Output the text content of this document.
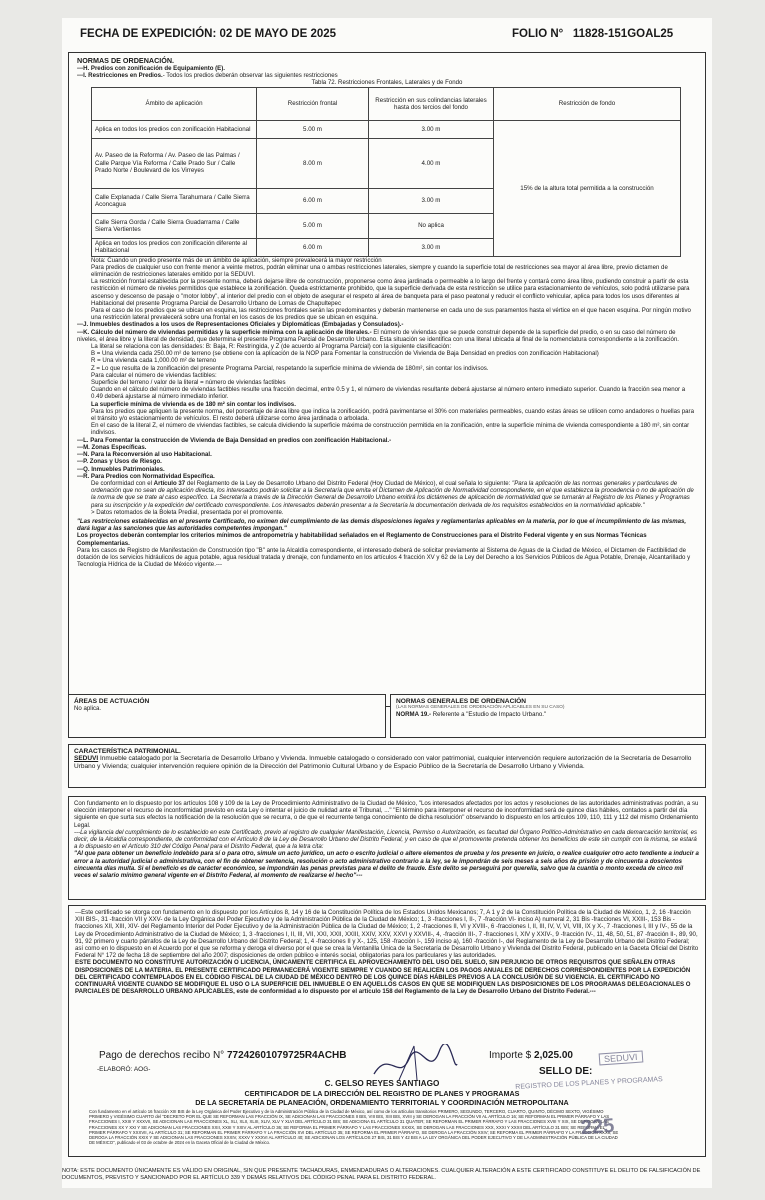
FECHA DE EXPEDICIÓN: 02 DE MAYO DE 2025	FOLIO N° 11828-151GOAL25

NORMAS DE ORDENACIÓN.

---H. Predios con zonificación de Equipamiento (E).

---I. Restricciones en Predios.- Todos los predios deberán observar las siguientes restricciones

Tabla 72. Restricciones Frontales, Laterales y de Fondo

Ámbito de aplicación	Restricción frontal	Restricción en sus colindancias laterales hasta dos tercios del fondo	Restricción de fondo
Aplica en todos los predios con zonificación Habitacional	5.00 m	3.00 m	15% de la altura total permitida a la construcción
Av. Paseo de la Reforma / Av. Paseo de las Palmas / Calle Parque Vía Reforma / Calle Prado Sur / Calle Prado Norte / Boulevard de los Virreyes	8.00 m	4.00 m	
Calle Explanada / Calle Sierra Tarahumara / Calle Sierra Aconcagua	6.00 m	3.00 m	
Calle Sierra Gorda / Calle Sierra Guadarrama / Calle Sierra Vertientes	5.00 m	No aplica	
Aplica en todos los predios con zonificación diferente al Habitacional	6.00 m	3.00 m	

Nota: Cuando un predio presente más de un ámbito de aplicación, siempre prevalecerá la mayor restricción

Para predios de cualquier uso con frente menor a veinte metros, podrán eliminar una o ambas restricciones laterales, siempre y cuando la superficie total de restricciones sea mayor al área libre, previo dictamen de eliminación de restricciones laterales emitido por la SEDUVI.

La restricción frontal establecida por la presente norma, deberá dejarse libre de construcción, proponerse como área jardinada o permeable a lo largo del frente y contará como área libre, pudiendo construir a partir de esta restricción el número de niveles permitidos que establece la zonificación. Queda estrictamente prohibido, que la superficie derivada de esta restricción se utilice para estacionamiento de vehículos, solo podrá utilizarse para ascenso y descenso de pasaje o "motor lobby", al interior del predio con el objeto de asegurar el respeto al área de banqueta para el paso peatonal y reducir el conflicto vehicular, aplica para todos los usos diferentes al Habitacional del presente Programa Parcial de Desarrollo Urbano de Lomas de Chapultepec

Para el caso de los predios que se ubican en esquina, las restricciones frontales serán las predominantes y deberán mantenerse en cada uno de sus paramentos hasta el vértice en el que hacen esquina. Por ningún motivo una restricción lateral prevalecerá sobre una frontal en los casos de los predios que se ubican en esquina.

---J. Inmuebles destinados a los usos de Representaciones Oficiales y Diplomáticas (Embajadas y Consulados).-

---K. Cálculo del número de viviendas permitidas y la superficie mínima con la aplicación de literales.- El número de viviendas que se puede construir depende de la superficie del predio, o en su caso del número de niveles, el área libre y la literal de densidad, que determina el presente Programa Parcial de Desarrollo Urbano. Esta situación se identifica con una literal ubicada al final de la nomenclatura correspondiente a la zonificación.

La literal se relaciona con las densidades: B: Baja, R: Restringida, y Z (de acuerdo al Programa Parcial) con la siguiente clasificación:

B = Una vivienda cada 250.00 m² de terreno (se obtiene con la aplicación de la NOP para Fomentar la construcción de Vivienda de Baja Densidad en predios con zonificación Habitacional)

R = Una vivienda cada 1,000.00 m² de terreno

Z = Lo que resulta de la zonificación del presente Programa Parcial, respetando la superficie mínima de vivienda de 180m², sin contar los indivisos.

Para calcular el número de viviendas factibles:

Superficie del terreno / valor de la literal = número de viviendas factibles

Cuando en el cálculo del número de viviendas factibles resulte una fracción decimal, entre 0.5 y 1, el número de viviendas resultante deberá ajustarse al número entero inmediato superior. Cuando la fracción sea menor a 0.49 deberá ajustarse al número inmediato inferior.

La superficie mínima de vivienda es de 180 m² sin contar los indivisos.

Para los predios que apliquen la presente norma, del porcentaje de área libre que indica la zonificación, podrá pavimentarse el 30% con materiales permeables, cuando estas áreas se utilicen como andadores o huellas para el tránsito y/o estacionamiento de vehículos. El resto deberá utilizarse como área jardinada o arbolada.

En el caso de la literal Z, el número de viviendas factibles, se calcula dividiendo la superficie máxima de construcción permitida en la zonificación, entre la superficie mínima de vivienda correspondiente a 180 m², sin contar indivisos.

---L. Para Fomentar la construcción de Vivienda de Baja Densidad en predios con zonificación Habitacional.-

---M. Zonas Específicas.

---N. Para la Reconversión al uso Habitacional.

---P. Zonas y Usos de Riesgo.

---Q. Inmuebles Patrimoniales.

---R. Para Predios con Normatividad Específica.

De conformidad con el Artículo 37 del Reglamento de la Ley de Desarrollo Urbano del Distrito Federal (Hoy Ciudad de México), el cual señala lo siguiente: "Para la aplicación de las normas generales y particulares de ordenación que no sean de aplicación directa, los interesados podrán solicitar a la Secretaría que emita el Dictamen de Aplicación de Normatividad correspondiente, en el que establezca la procedencia o no de aplicación de la norma de que se trate al caso específico. La Secretaría a través de la Dirección General de Desarrollo Urbano emitirá los dictámenes de aplicación de normatividad que se turnarán al Registro de los Planes y Programas para su inscripción y la expedición del certificado correspondiente. Los interesados deberán presentar a la Secretaría la documentación derivada de los requisitos establecidos en la normatividad aplicable."

> Datos retomados de la Boleta Predial, presentada por el promovente.

"Las restricciones establecidas en el presente Certificado, no eximen del cumplimiento de las demás disposiciones legales y reglamentarias aplicables en la materia, por lo que el incumplimiento de las mismas, dará lugar a las sanciones que las autoridades competentes impongan."

Los proyectos deberán contemplar los criterios mínimos de antropometría y habitabilidad señalados en el Reglamento de Construcciones para el Distrito Federal vigente y en sus Normas Técnicas Complementarias.

Para los casos de Registro de Manifestación de Construcción tipo "B" ante la Alcaldía correspondiente, el interesado deberá de solicitar previamente al Sistema de Aguas de la Ciudad de México, el Dictamen de Factibilidad de dotación de los servicios hidráulicos de agua potable, agua residual tratada y drenaje, con fundamento en los artículos 4 fracción XV y 62 de la Ley del Derecho a los Servicios Públicos de Agua Potable, Drenaje, Alcantarillado y Tecnología Hídrica de la Ciudad de México vigente.---

ÁREAS DE ACTUACIÓN

No aplica.

NORMAS GENERALES DE ORDENACIÓN

(LAS NORMAS GENERALES DE ORDENACIÓN APLICABLES EN SU CASO)

NORMA 19.- Referente a "Estudio de Impacto Urbano."

CARACTERÍSTICA PATRIMONIAL.

SEDUVI Inmueble catalogado por la Secretaría de Desarrollo Urbano y Vivienda. Inmueble catalogado o considerado con valor patrimonial, cualquier intervención requiere autorización de la Secretaría de Desarrollo Urbano y Vivienda; cualquier intervención requiere opinión de la Dirección del Patrimonio Cultural Urbano y de Espacio Público de la Secretaría de Desarrollo Urbano y Vivienda.

Con fundamento en lo dispuesto por los artículos 108 y 109 de la Ley de Procedimiento Administrativo de la Ciudad de México, "Los interesados afectados por los actos y resoluciones de las autoridades administrativas podrán, a su elección interponer el recurso de inconformidad previsto en esta Ley o intentar el juicio de nulidad ante el Tribunal, ..." "El término para interponer el recurso de inconformidad será de quince días hábiles, contados a partir del día siguiente en que surta sus efectos la notificación de la resolución que se recurra, o de que el recurrente tenga conocimiento de dicha resolución" observando lo dispuesto en los artículos 109, 110, 111 y 112 del mismo Ordenamiento Legal.

---La vigilancia del cumplimiento de lo establecido en este Certificado, previo al registro de cualquier Manifestación, Licencia, Permiso o Autorización, es facultad del Órgano Político-Administrativo en cada demarcación territorial, es decir, de la Alcaldía correspondiente, de conformidad con el Artículo 8 de la Ley de Desarrollo Urbano del Distrito Federal, y en caso de que el promovente pretenda obtener los beneficios de este sin cumplir con la misma, se estará a lo dispuesto en el Artículo 310 del Código Penal para el Distrito Federal, que a la letra cita:

"Al que para obtener un beneficio indebido para sí o para otro, simule un acto jurídico, un acto o escrito judicial o altere elementos de prueba y los presente en juicio, o realice cualquier otro acto tendiente a inducir a error a la autoridad judicial o administrativa, con el fin de obtener sentencia, resolución o acto administrativo contrario a la ley, se le impondrán de seis meses a seis años de prisión y de cincuenta a doscientos cincuenta días multa. Si el beneficio es de carácter económico, se impondrán las penas previstas para el delito de fraude. Este delito se perseguirá por querella, salvo que la cuantía o monto exceda de cinco mil veces el salario mínimo general vigente en el Distrito Federal, al momento de realizarse el hecho"---

---Este certificado se otorga con fundamento en lo dispuesto por los Artículos 8, 14 y 16 de la Constitución Política de los Estados Unidos Mexicanos; 7, A 1 y 2 de la Constitución Política de la Ciudad de México, 1, 2, 16 -fracción XIII BIS-, 31 -fracción VII y XXV- de la Ley Orgánica del Poder Ejecutivo y de la Administración Pública de la Ciudad de México; 1, 3 -fracciones I, II-, 7 -fracción VI- inciso A) numeral 2, 31 Bis -fracciones VI, XXIII-, 153 Bis -fracciones XII, XIII, XIV- del Reglamento Interior del Poder Ejecutivo y de la Administración Pública de la Ciudad de México; 1, 2 -fracciones II, VI y XVIII-, 6 -fracciones I, II, III, IV, V, VI, VIII, IX y X-, 7 -fracciones I, III y IV-, 55 de la Ley de Procedimiento Administrativo de la Ciudad de México; 1, 3 -fracciones I, II, III, VII, XXI, XXII, XXIII, XXIV, XXV, XXVI y XXVIII-, 4, -fracción III-, 7 -fracciones I, XIV y XXIV-, 9 -fracción IV-, 11, 48, 50, 51, 87 -fracción II-, 89, 90, 91, 92 primero y cuarto párrafos de la Ley de Desarrollo Urbano del Distrito Federal; 1, 4 -fracciones II y X-, 125, 158 -fracción I-, 159 inciso a), 160 -fracción I-, del Reglamento de la Ley de Desarrollo Urbano del Distrito Federal; así como en lo dispuesto en el Acuerdo por el que se reforma y deroga el diverso por el que se crea la Ventanilla Única de la Secretaría de Desarrollo Urbano y Vivienda del Distrito Federal, publicado en la Gaceta Oficial del Distrito Federal N° 172 de fecha 18 de septiembre del año 2007; disposiciones de orden público e interés social, obligatorias para los particulares y las autoridades.

ESTE DOCUMENTO NO CONSTITUYE AUTORIZACIÓN O LICENCIA, ÚNICAMENTE CERTIFICA EL APROVECHAMIENTO DEL USO DEL SUELO, SIN PERJUICIO DE OTROS REQUISITOS QUE SEÑALEN OTRAS DISPOSICIONES DE LA MATERIA. EL PRESENTE CERTIFICADO PERMANECERÁ VIGENTE SIEMPRE Y CUANDO SE REALICEN LOS PAGOS ANUALES DE DERECHOS CORRESPONDIENTES POR LA EXPEDICIÓN DEL CERTIFICADO CONTEMPLADOS EN EL CÓDIGO FISCAL DE LA CIUDAD DE MÉXICO DENTRO DE LOS QUINCE DÍAS HÁBILES PREVIOS A LA CONCLUSIÓN DE SU VIGENCIA. EL CERTIFICADO NO CONTINUARÁ VIGENTE CUANDO SE MODIFIQUE EL USO O LA SUPERFICIE DEL INMUEBLE O EN AQUELLOS CASOS EN QUE SE MODIFIQUEN LAS DISPOSICIONES DE LOS PROGRAMAS DELEGACIONALES O PARCIALES DE DESARROLLO URBANO APLICABLES, este de conformidad a lo dispuesto por el artículo 158 del Reglamento de la Ley de Desarrollo Urbano del Distrito Federal.---

Pago de derechos recibo N° 77242601079725R4ACHB	Importe $ 2,025.00
-ELABORÓ: AOG-	SELLO DE:
C. GELSO REYES SANTIAGO
CERTIFICADOR DE LA DIRECCIÓN DEL REGISTRO DE PLANES Y PROGRAMAS
DE LA SECRETARÍA DE PLANEACIÓN, ORDENAMIENTO TERRITORIAL Y COORDINACIÓN METROPOLITANA

Con fundamento en el artículo 16 fracción XIII BIS de la Ley Orgánica del Poder Ejecutivo y de la Administración Pública de la Ciudad de México, así como de los artículos transitorios PRIMERO, SEGUNDO, TERCERO, CUARTO, QUINTO, DÉCIMO SEXTO, VIGÉSIMO PRIMERO y VIGÉSIMO CUARTO del "DECRETO POR EL QUE SE REFORMAN LAS FRACCIÓN IX, SE ADICIONAN LAS FRACCIONES II BIS, VIII BIS, XIII BIS, XVIII y SE DEROGAN LA FRACCIÓN VII AL ARTÍCULO 16; SE REFORMAN EL PRIMER PÁRRAFO Y LAS FRACCIONES I, XXIII Y XXXVII, SE ADICIONAN LAS FRACCIONES XL, XLI, XLII, XLIII, XLIV, XLV Y XLVI DEL ARTÍCULO 31 BIS; SE ADICIONA EL ARTÍCULO 31 QUATER; SE REFORMAN EL PRIMER PÁRRAFO Y LAS FRACCIONES XVIII Y XIX, SE DEROGAN LAS FRACCIONES XX Y XXI Y SE ADICIONAN LAS FRACCIONES XXII, XXIII Y XXIV AL ARTÍCULO 36; SE REFORMA EL PRIMER PÁRRAFO Y LAS FRACCIONES XXXIX, SE DEROGAN LAS FRACCIONES XXX, XXXI Y XXXII DEL ARTÍCULO 31 BIS; SE REFORMA EL PRIMER PÁRRAFO Y XXXVII, AL ARTÍCULO 31; SE REFORMAN EL PRIMER PÁRRAFO Y LA FRACCIÓN XVI DEL ARTÍCULO 35; SE REFORMA EL PRIMER PÁRRAFO, SE DEROGA LA FRACCIÓN XXIV; SE REFORMA EL PRIMER PÁRRAFO Y LA FRACCIÓN XXXII, SE DEROGA LA FRACCIÓN XXIX Y SE ADICIONAN LAS FRACCIONES XXXIV, XXXV Y XXXVI AL ARTÍCULO 40; SE ADICIONAN LOS ARTÍCULOS 27 BIS, 31 BIS Y 42 BIS A LA LEY ORGÁNICA DEL PODER EJECUTIVO Y DE LA ADMINISTRACIÓN PÚBLICA DE LA CIUDAD DE MÉXICO", publicado el 03 de octubre de 2024 en la Gaceta Oficial de la Ciudad de México.

SEDUVI
REGISTRO DE LOS PLANES Y PROGRAMAS
225
NOTA: ESTE DOCUMENTO ÚNICAMENTE ES VÁLIDO EN ORIGINAL, SIN QUE PRESENTE TACHADURAS, ENMENDADURAS O ALTERACIONES. CUALQUIER ALTERACIÓN A ESTE CERTIFICADO CONSTITUYE EL DELITO DE FALSIFICACIÓN DE DOCUMENTOS, PREVISTO Y SANCIONADO POR EL ARTÍCULO 339 Y DEMÁS RELATIVOS DEL CÓDIGO PENAL PARA EL DISTRITO FEDERAL.
